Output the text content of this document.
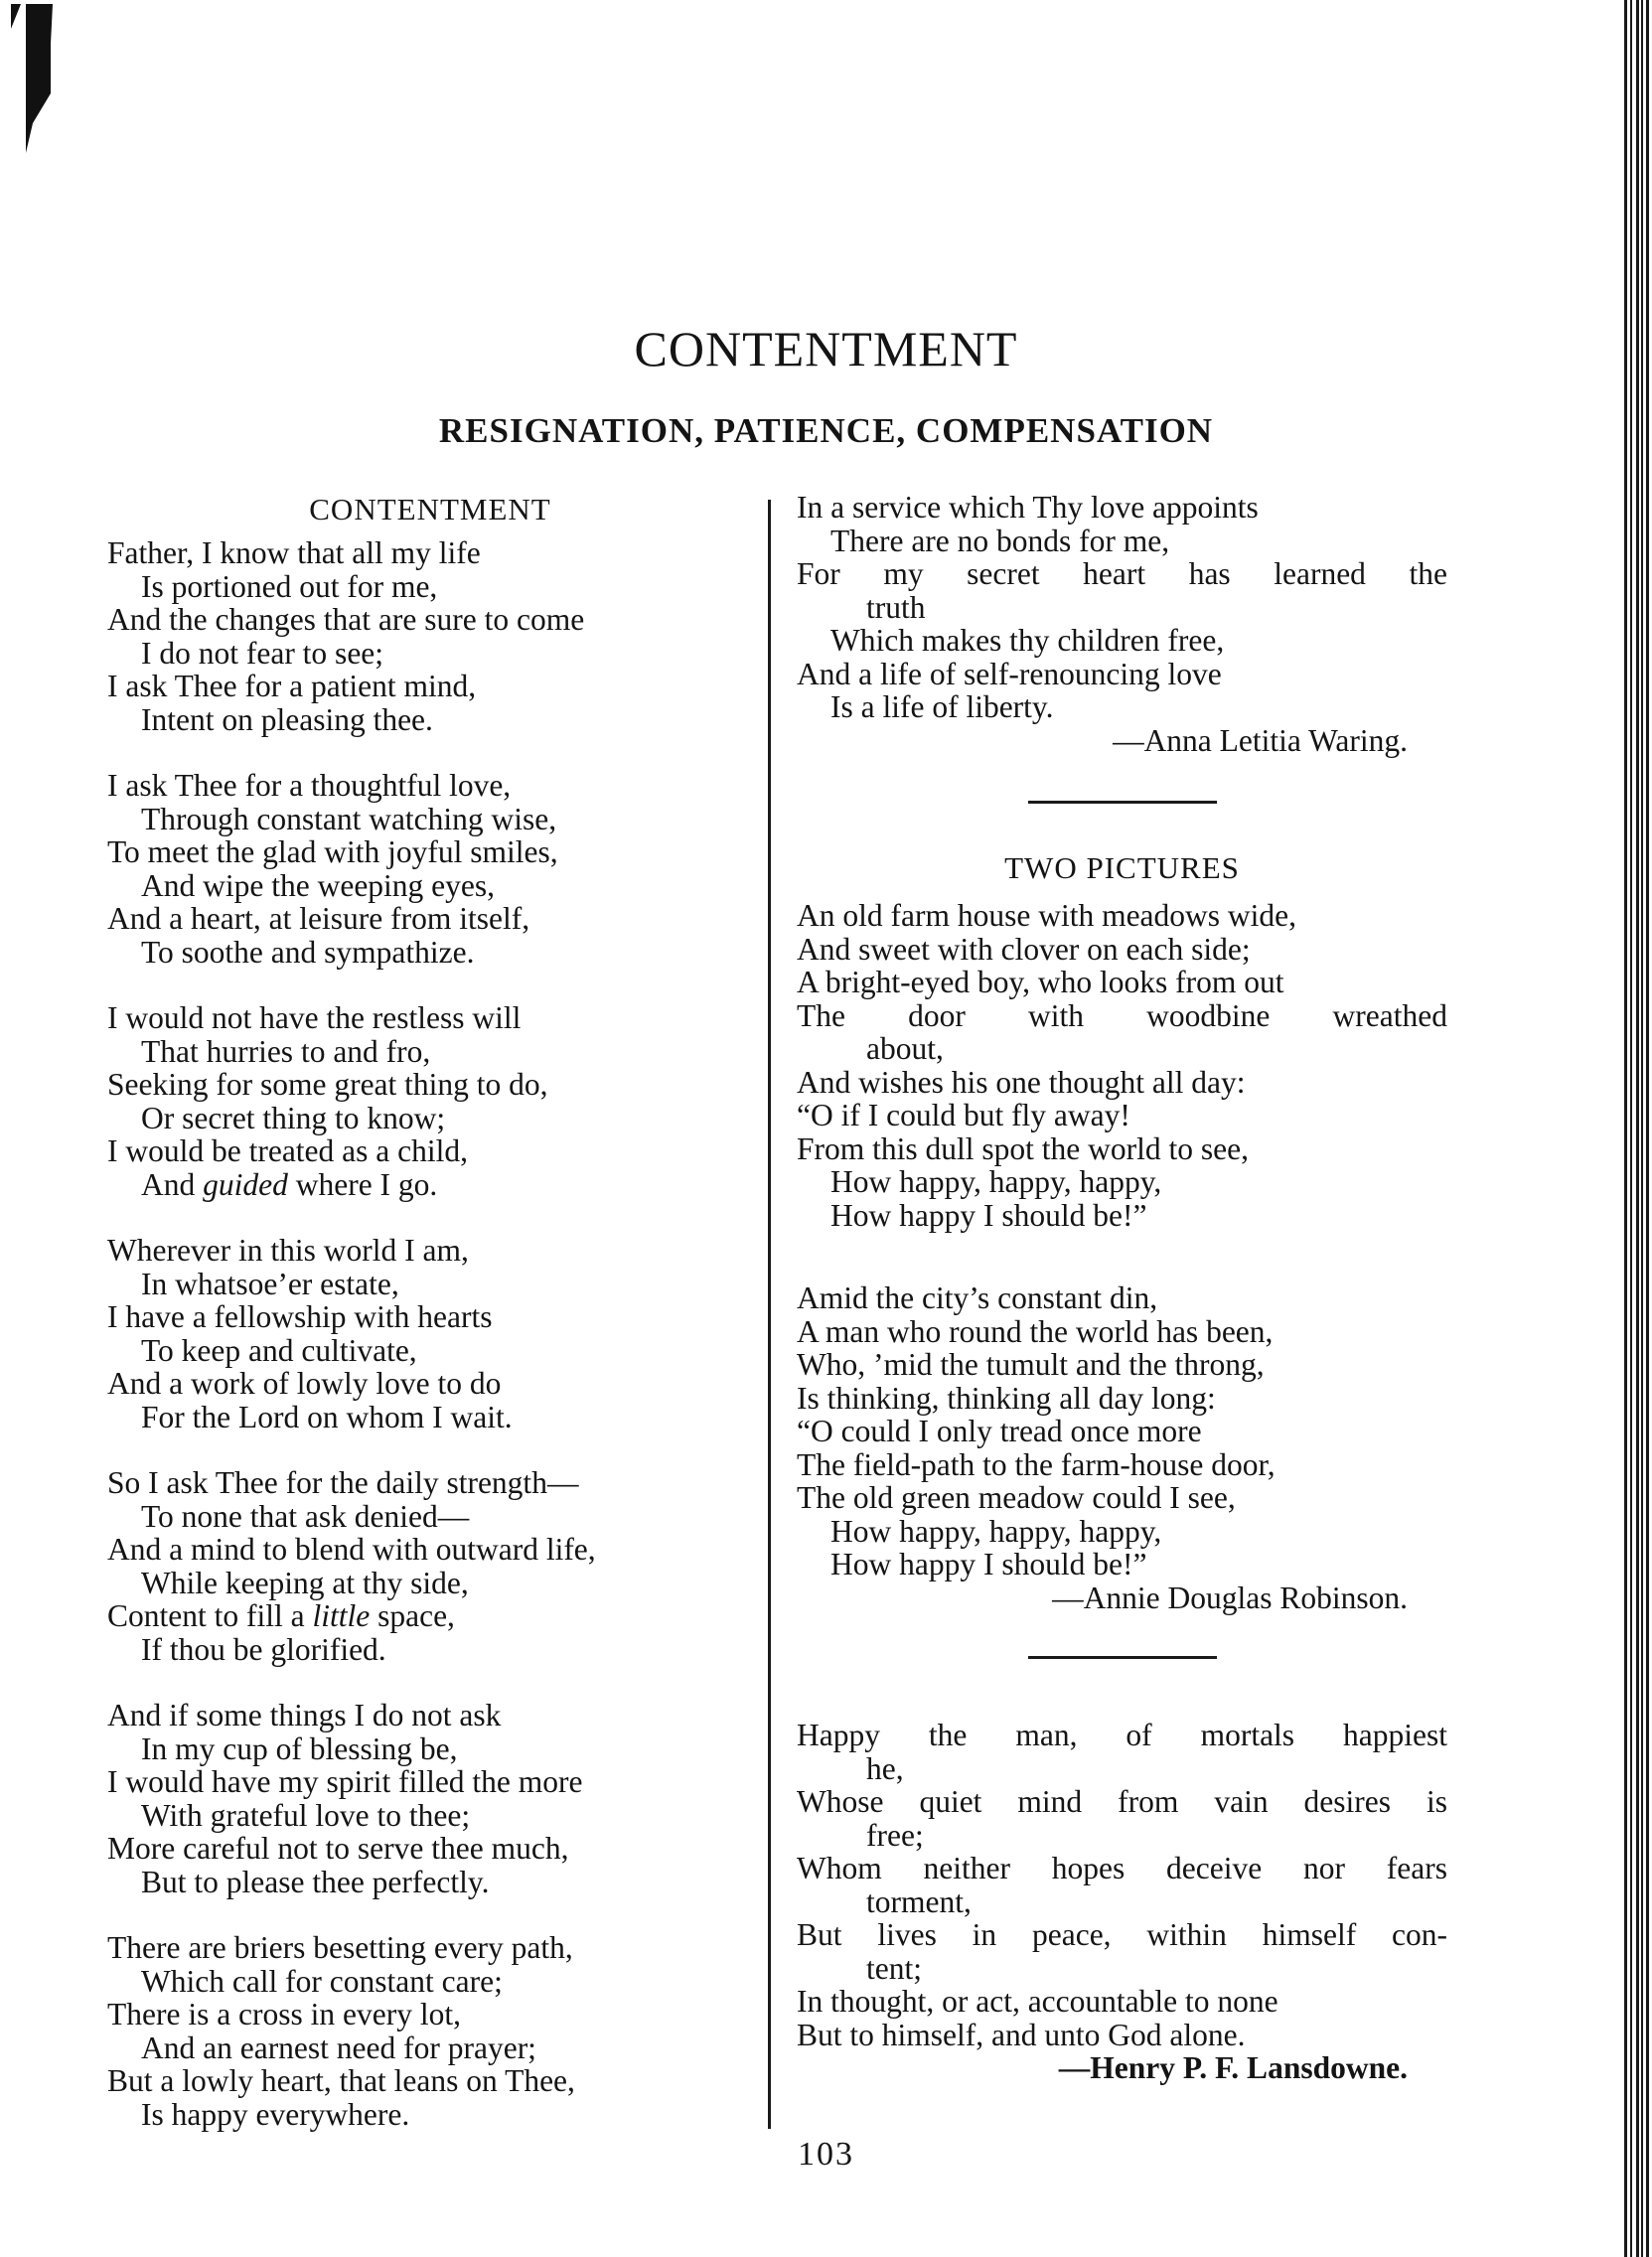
CONTENTMENT
RESIGNATION, PATIENCE, COMPENSATION
CONTENTMENT
Father, I know that all my life
Is portioned out for me,
And the changes that are sure to come
I do not fear to see;
I ask Thee for a patient mind,
Intent on pleasing thee.
I ask Thee for a thoughtful love,
Through constant watching wise,
To meet the glad with joyful smiles,
And wipe the weeping eyes,
And a heart, at leisure from itself,
To soothe and sympathize.
I would not have the restless will
That hurries to and fro,
Seeking for some great thing to do,
Or secret thing to know;
I would be treated as a child,
And guided where I go.
Wherever in this world I am,
In whatsoe’er estate,
I have a fellowship with hearts
To keep and cultivate,
And a work of lowly love to do
For the Lord on whom I wait.
So I ask Thee for the daily strength—
To none that ask denied—
And a mind to blend with outward life,
While keeping at thy side,
Content to fill a little space,
If thou be glorified.
And if some things I do not ask
In my cup of blessing be,
I would have my spirit filled the more
With grateful love to thee;
More careful not to serve thee much,
But to please thee perfectly.
There are briers besetting every path,
Which call for constant care;
There is a cross in every lot,
And an earnest need for prayer;
But a lowly heart, that leans on Thee,
Is happy everywhere.
In a service which Thy love appoints
There are no bonds for me,
For my secret heart has learned the
truth
Which makes thy children free,
And a life of self-renouncing love
Is a life of liberty.
—Anna Letitia Waring.
TWO PICTURES
An old farm house with meadows wide,
And sweet with clover on each side;
A bright-eyed boy, who looks from out
The door with woodbine wreathed
about,
And wishes his one thought all day:
“O if I could but fly away!
From this dull spot the world to see,
How happy, happy, happy,
How happy I should be!”
Amid the city’s constant din,
A man who round the world has been,
Who, ’mid the tumult and the throng,
Is thinking, thinking all day long:
“O could I only tread once more
The field-path to the farm-house door,
The old green meadow could I see,
How happy, happy, happy,
How happy I should be!”
—Annie Douglas Robinson.
Happy the man, of mortals happiest
he,
Whose quiet mind from vain desires is
free;
Whom neither hopes deceive nor fears
torment,
But lives in peace, within himself con-
tent;
In thought, or act, accountable to none
But to himself, and unto God alone.
—Henry P. F. Lansdowne.
103
